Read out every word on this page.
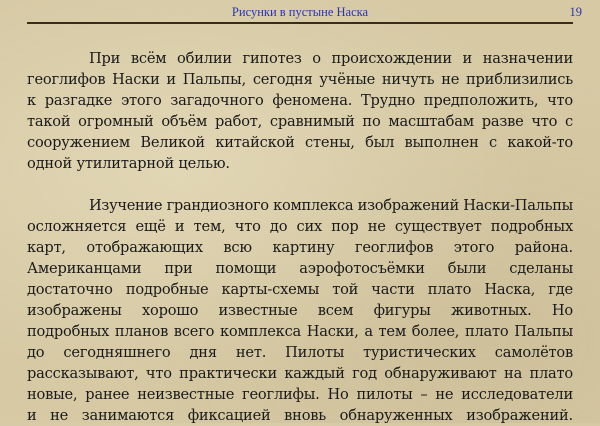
Рисунки в пустыне Наска	19
При всём обилии гипотез о происхождении и назначении
геоглифов Наски и Пальпы, сегодня учёные ничуть не приблизились
к разгадке этого загадочного феномена. Трудно предположить, что
такой огромный объём работ, сравнимый по масштабам разве что с
сооружением Великой китайской стены, был выполнен с какой-то
одной утилитарной целью.
Изучение грандиозного комплекса изображений Наски-Пальпы
осложняется ещё и тем, что до сих пор не существует подробных
карт, отображающих всю картину геоглифов этого района.
Американцами при помощи аэрофотосъёмки были сделаны
достаточно подробные карты-схемы той части плато Наска, где
изображены хорошо известные всем фигуры животных. Но
подробных планов всего комплекса Наски, а тем более, плато Пальпы
до сегодняшнего дня нет. Пилоты туристических самолётов
рассказывают, что практически каждый год обнаруживают на плато
новые, ранее неизвестные геоглифы. Но пилоты – не исследователи
и не занимаются фиксацией вновь обнаруженных изображений.
